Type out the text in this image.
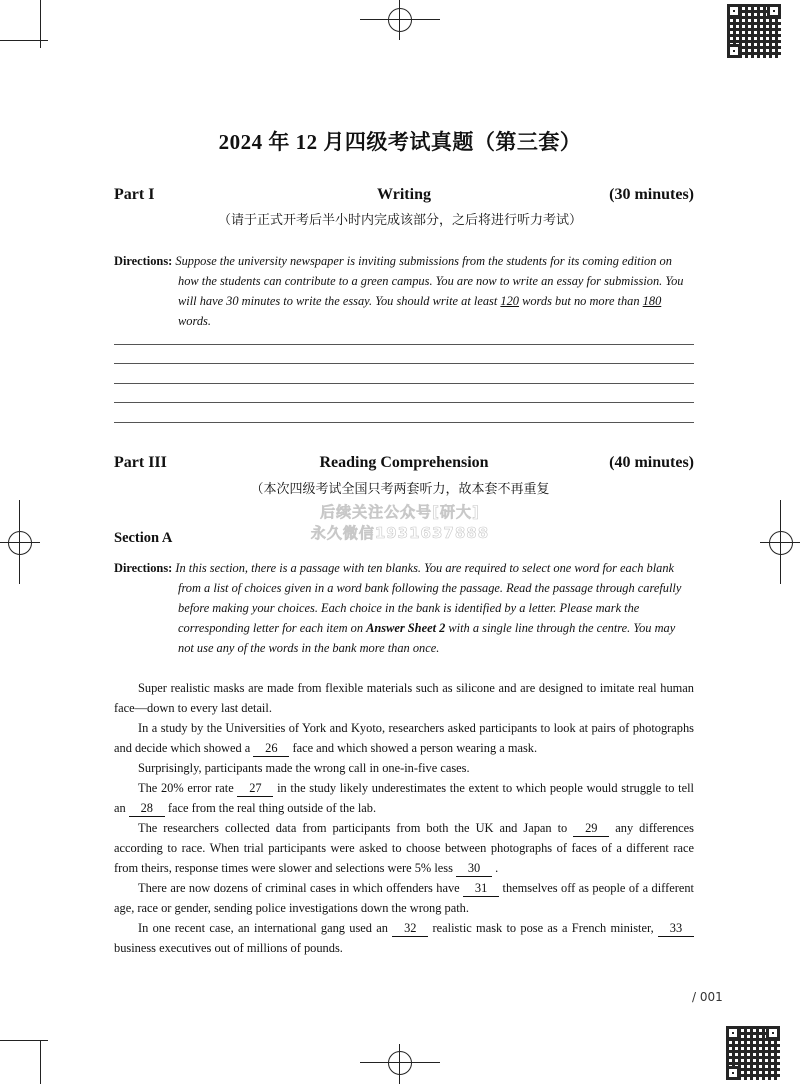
2024 年 12 月四级考试真题（第三套）
Part I	Writing	(30 minutes)
（请于正式开考后半小时内完成该部分，之后将进行听力考试）
Directions: Suppose the university newspaper is inviting submissions from the students for its coming edition on how the students can contribute to a green campus. You are now to write an essay for submission. You will have 30 minutes to write the essay. You should write at least 120 words but no more than 180 words.
Part III	Reading Comprehension	(40 minutes)
（本次四级考试全国只考两套听力，故本套不再重复
后续关注公众号[研大]
永久微信1931637888
Section A
Directions: In this section, there is a passage with ten blanks. You are required to select one word for each blank from a list of choices given in a word bank following the passage. Read the passage through carefully before making your choices. Each choice in the bank is identified by a letter. Please mark the corresponding letter for each item on Answer Sheet 2 with a single line through the centre. You may not use any of the words in the bank more than once.

Super realistic masks are made from flexible materials such as silicone and are designed to imitate real human face—down to every last detail.

In a study by the Universities of York and Kyoto, researchers asked participants to look at pairs of photographs and decide which showed a 26 face and which showed a person wearing a mask.

Surprisingly, participants made the wrong call in one-in-five cases.

The 20% error rate 27 in the study likely underestimates the extent to which people would struggle to tell an 28 face from the real thing outside of the lab.

The researchers collected data from participants from both the UK and Japan to 29 any differences according to race. When trial participants were asked to choose between photographs of faces of a different race from theirs, response times were slower and selections were 5% less 30 .

There are now dozens of criminal cases in which offenders have 31 themselves off as people of a different age, race or gender, sending police investigations down the wrong path.

In one recent case, an international gang used an 32 realistic mask to pose as a French minister, 33 business executives out of millions of pounds.

/ 001
